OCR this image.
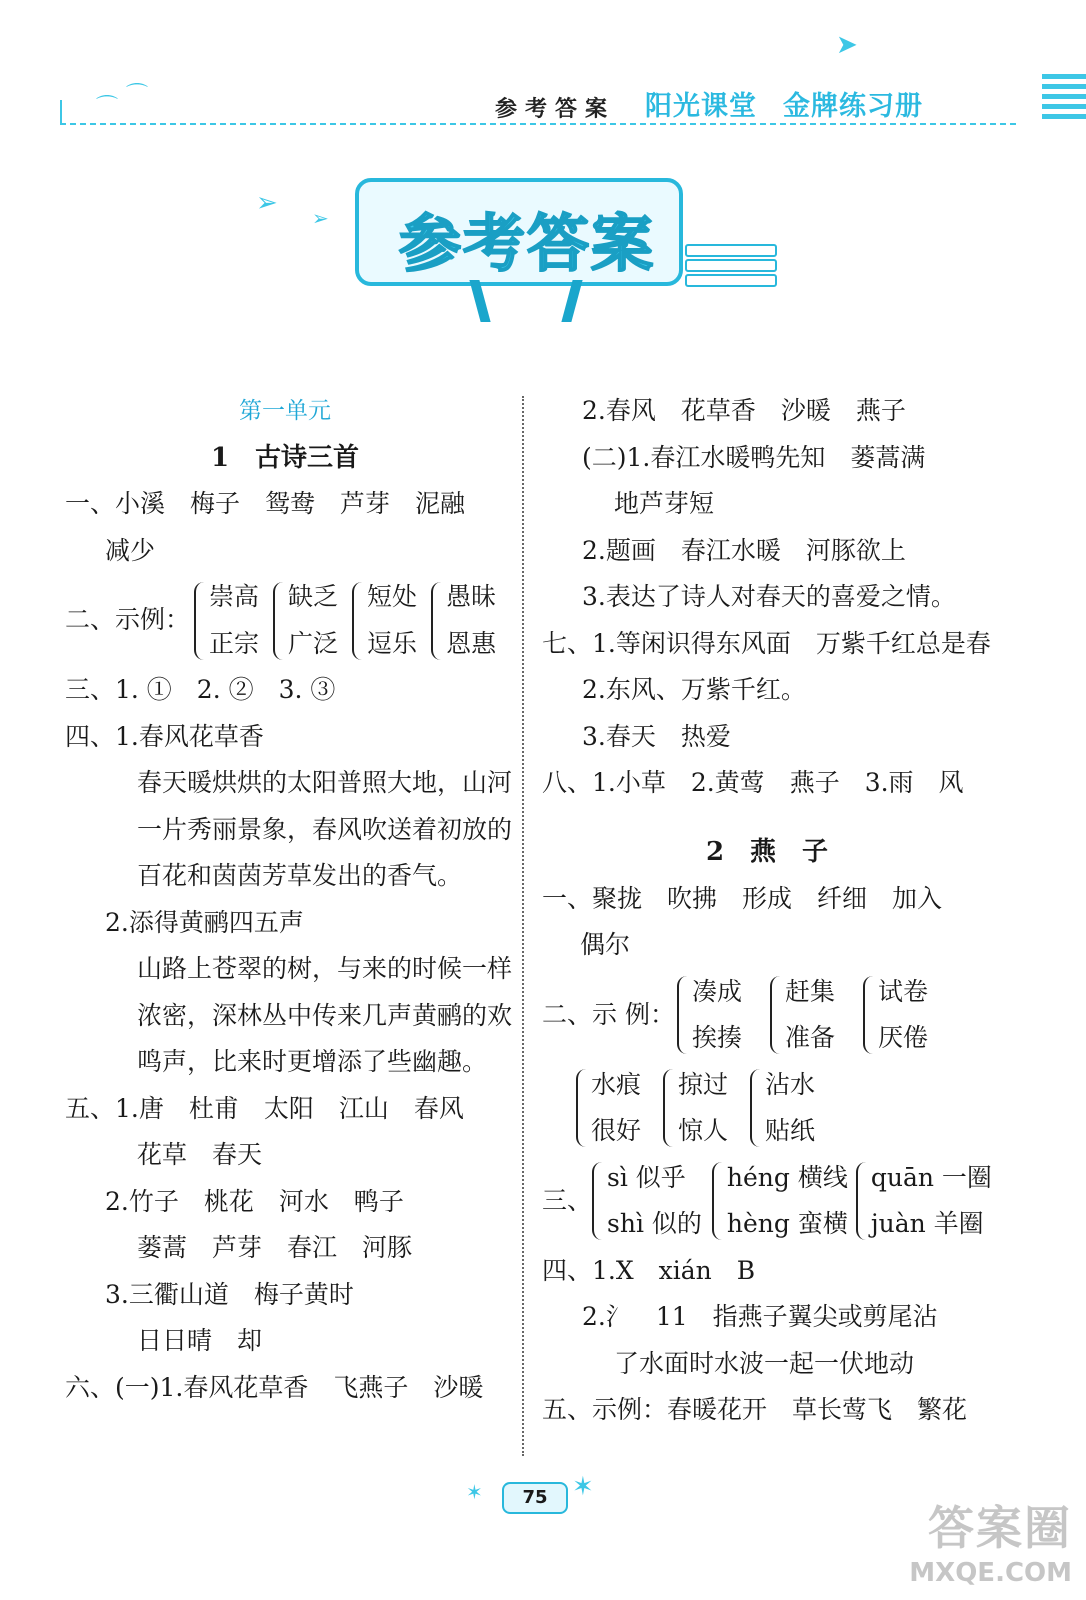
⌒ ⌒
参考答案 阳光课堂 金牌练习册
➤
➢ ➢ 参考答案
第一单元
1　古诗三首
一、小溪　梅子　鸳鸯　芦芽　泥融
减少
二、示例：
崇高
正宗
缺乏
广泛
短处
逗乐
愚昧
恩惠
三、1. ①　2. ②　3. ③
四、1.春风花草香
春天暖烘烘的太阳普照大地，山河
一片秀丽景象，春风吹送着初放的
百花和茵茵芳草发出的香气。
2.添得黄鹂四五声
山路上苍翠的树，与来的时候一样
浓密，深林丛中传来几声黄鹂的欢
鸣声，比来时更增添了些幽趣。
五、1.唐　杜甫　太阳　江山　春风
花草　春天
2.竹子　桃花　河水　鸭子
蒌蒿　芦芽　春江　河豚
3.三衢山道　梅子黄时
日日晴　却
六、(一)1.春风花草香　飞燕子　沙暖
2.春风　花草香　沙暖　燕子
(二)1.春江水暖鸭先知　蒌蒿满
地芦芽短
2.题画　春江水暖　河豚欲上
3.表达了诗人对春天的喜爱之情。
七、1.等闲识得东风面　万紫千红总是春
2.东风、万紫千红。
3.春天　热爱
八、1.小草　2.黄莺　燕子　3.雨　风
2　燕　子
一、聚拢　吹拂　形成　纤细　加入
偶尔
二、示 例：
凑成
挨揍
赶集
准备
试卷
厌倦
水痕
很好
掠过
惊人
沾水
贴纸
三、
sì 似乎
shì 似的
héng 横线
hèng 蛮横
quān 一圈
juàn 羊圈
四、1.X　xián　B
2.氵　11　指燕子翼尖或剪尾沾
了水面时水波一起一伏地动
五、示例：春暖花开　草长莺飞　繁花
✶	75 ✶
答案圈
MXQE.COM
